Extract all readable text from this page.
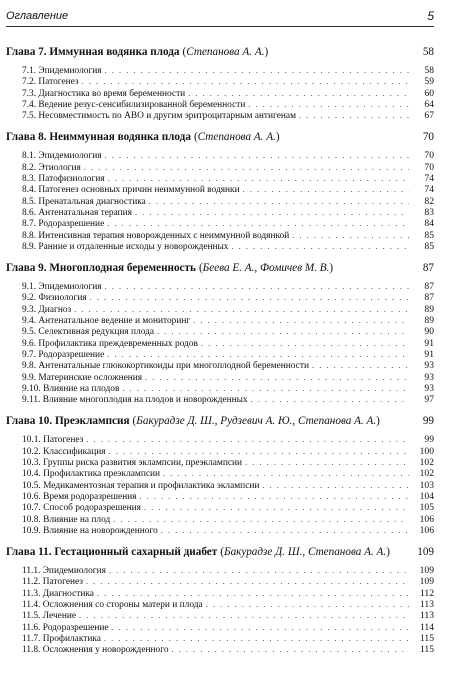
Оглавление	5
Глава 7. Иммунная водянка плода ( Степанова А. А. )	58
7.1. Эпидемиология . . .	58
7.2. Патогенез . . .	59
7.3. Диагностика во время беременности . . .	60
7.4. Ведение резус-сенсибилизированной беременности . . .	64
7.5. Несовместимость по АВО и другим эритроцитарным антигенам . . .	67
Глава 8. Неиммунная водянка плода ( Степанова А. А. )	70
8.1. Эпидемиология . . .	70
8.2. Этиология . . .	70
8.3. Патофизиология . . .	74
8.4. Патогенез основных причин неиммунной водянки . . .	74
8.5. Пренатальная диагностика . . .	82
8.6. Антенатальная терапия . . .	83
8.7. Родоразрешение . . .	84
8.8. Интенсивная терапия новорожденных с неиммунной водянкой . . .	85
8.9. Ранние и отдаленные исходы у новорожденных . . .	85
Глава 9. Многоплодная беременность ( Беева Е. А., Фомичев М. В. )	87
9.1. Эпидемиология . . .	87
9.2. Физиология . . .	87
9.3. Диагноз . . .	89
9.4. Антенатальное ведение и мониторинг . . .	89
9.5. Селективная редукция плода . . .	90
9.6. Профилактика преждевременных родов . . .	91
9.7. Родоразрешение . . .	91
9.8. Антенатальные глюкокортикоиды при многоплодной беременности . . .	93
9.9. Материнские осложнения . . .	93
9.10. Влияние на плодов . . .	93
9.11. Влияние многоплодия на плодов и новорожденных . . .	97
Глава 10. Преэклампсия ( Бакурадзе Д. Ш., Рудзевич А. Ю., Степанова А. А. )	99
10.1. Патогенез . . .	99
10.2. Классификация . . .	100
10.3. Группы риска развития эклампсии, преэклампсии . . .	102
10.4. Профилактика преэклампсии . . .	102
10.5. Медикаментозная терапия и профилактика эклампсии . . .	103
10.6. Время родоразрешения . . .	104
10.7. Способ родоразрешения . . .	105
10.8. Влияние на плод . . .	106
10.9. Влияние на новорожденного . . .	106
Глава 11. Гестационный сахарный диабет ( Бакурадзе Д. Ш., Степанова А. А. )	109
11.1. Эпидемиология . . .	109
11.2. Патогенез . . .	109
11.3. Диагностика . . .	112
11.4. Осложнения со стороны матери и плода . . .	113
11.5. Лечение . . .	113
11.6. Родоразрешение . . .	114
11.7. Профилактика . . .	115
11.8. Осложнения у новорожденного . . .	115
